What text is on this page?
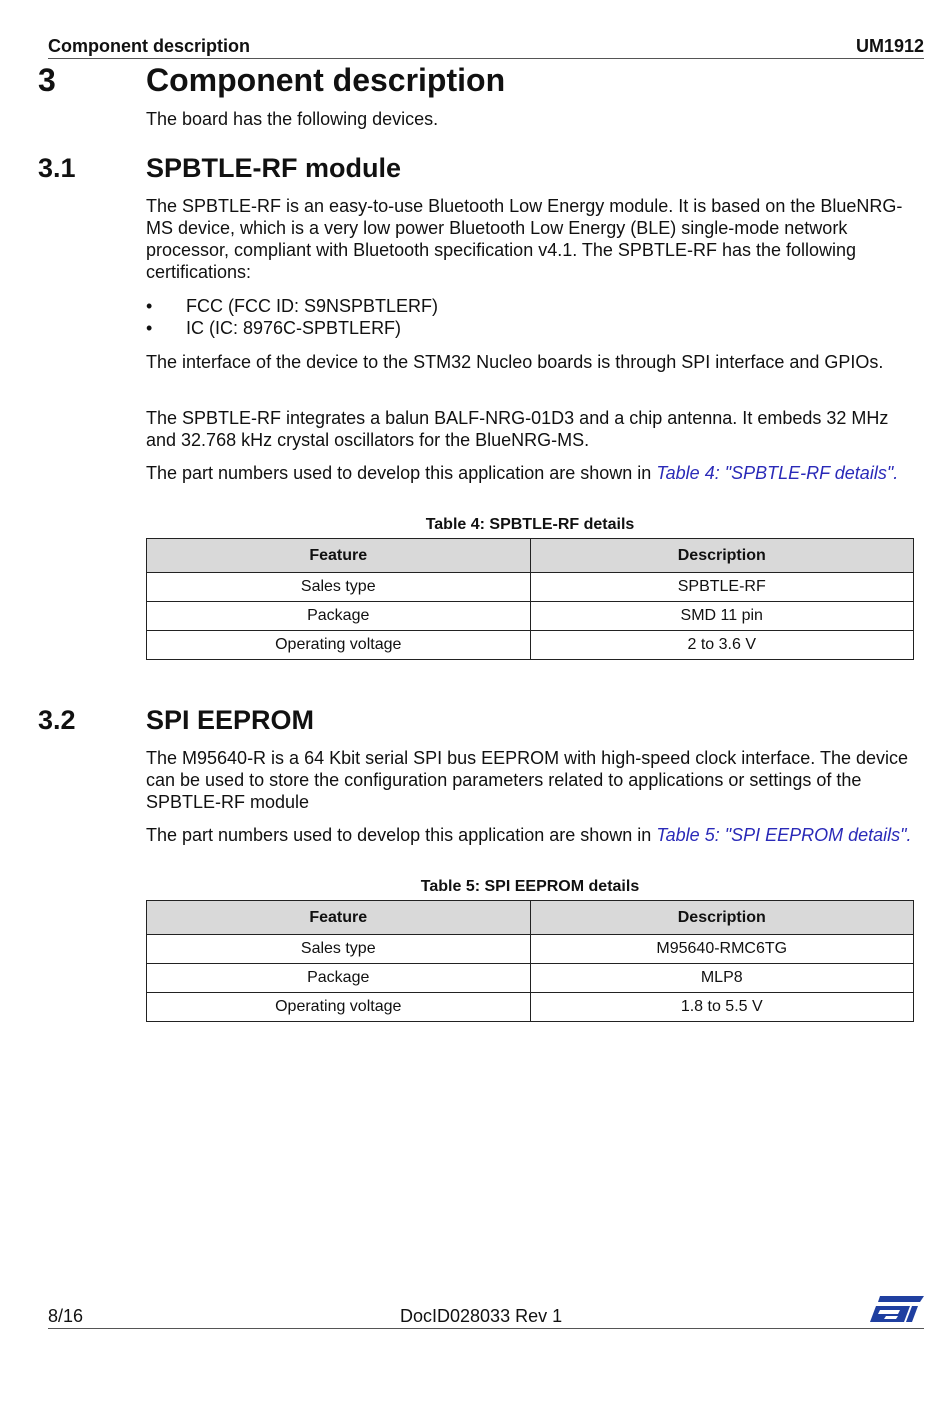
Component description	UM1912
3	Component description
The board has the following devices.
3.1	SPBTLE-RF module
The SPBTLE-RF is an easy-to-use Bluetooth Low Energy module. It is based on the BlueNRG-MS device, which is a very low power Bluetooth Low Energy (BLE) single-mode network processor, compliant with Bluetooth specification v4.1. The SPBTLE-RF has the following certifications:
• FCC (FCC ID: S9NSPBTLERF)
• IC (IC: 8976C-SPBTLERF)
The interface of the device to the STM32 Nucleo boards is through SPI interface and GPIOs.
The SPBTLE-RF integrates a balun BALF-NRG-01D3 and a chip antenna. It embeds 32 MHz and 32.768 kHz crystal oscillators for the BlueNRG-MS.
The part numbers used to develop this application are shown in Table 4: "SPBTLE-RF details".
Table 4: SPBTLE-RF details
Feature	Description
Sales type	SPBTLE-RF
Package	SMD 11 pin
Operating voltage	2 to 3.6 V
3.2	SPI EEPROM
The M95640-R is a 64 Kbit serial SPI bus EEPROM with high-speed clock interface. The device can be used to store the configuration parameters related to applications or settings of the SPBTLE-RF module
The part numbers used to develop this application are shown in Table 5: "SPI EEPROM details".
Table 5: SPI EEPROM details
Feature	Description
Sales type	M95640-RMC6TG
Package	MLP8
Operating voltage	1.8 to 5.5 V
8/16	DocID028033 Rev 1
